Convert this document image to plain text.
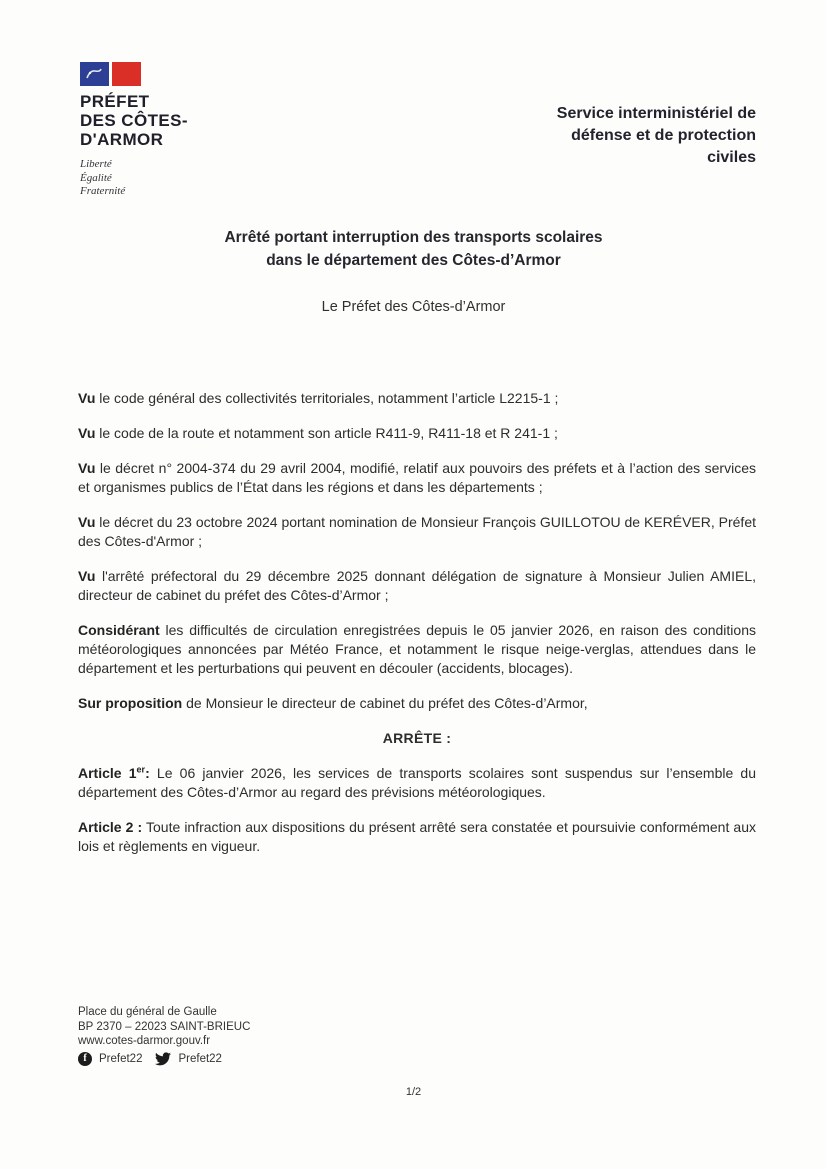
PRÉFET
DES CÔTES-
D'ARMOR
Liberté
Égalité
Fraternité
Service interministériel de
défense et de protection
civiles
Arrêté portant interruption des transports scolaires
dans le département des Côtes-d’Armor
Le Préfet des Côtes-d’Armor

Vu le code général des collectivités territoriales, notamment l’article L2215-1 ;

Vu le code de la route et notamment son article R411-9, R411-18 et R 241-1 ;

Vu le décret n° 2004-374 du 29 avril 2004, modifié, relatif aux pouvoirs des préfets et à l’action des services et organismes publics de l’État dans les régions et dans les départements ;

Vu le décret du 23 octobre 2024 portant nomination de Monsieur François GUILLOTOU de KERÉVER, Préfet des Côtes-d'Armor ;

Vu l'arrêté préfectoral du 29 décembre 2025 donnant délégation de signature à Monsieur Julien AMIEL, directeur de cabinet du préfet des Côtes-d’Armor ;

Considérant les difficultés de circulation enregistrées depuis le 05 janvier 2026, en raison des conditions météorologiques annoncées par Météo France, et notamment le risque neige-verglas, attendues dans le département et les perturbations qui peuvent en découler (accidents, blocages).

Sur proposition de Monsieur le directeur de cabinet du préfet des Côtes-d’Armor,

ARRÊTE :

Article 1er: Le 06 janvier 2026, les services de transports scolaires sont suspendus sur l’ensemble du département des Côtes-d’Armor au regard des prévisions météorologiques.

Article 2 : Toute infraction aux dispositions du présent arrêté sera constatée et poursuivie conformément aux lois et règlements en vigueur.

Place du général de Gaulle
BP 2370 – 22023 SAINT-BRIEUC
www.cotes-darmor.gouv.fr
f	Prefet22	Prefet22
1/2
